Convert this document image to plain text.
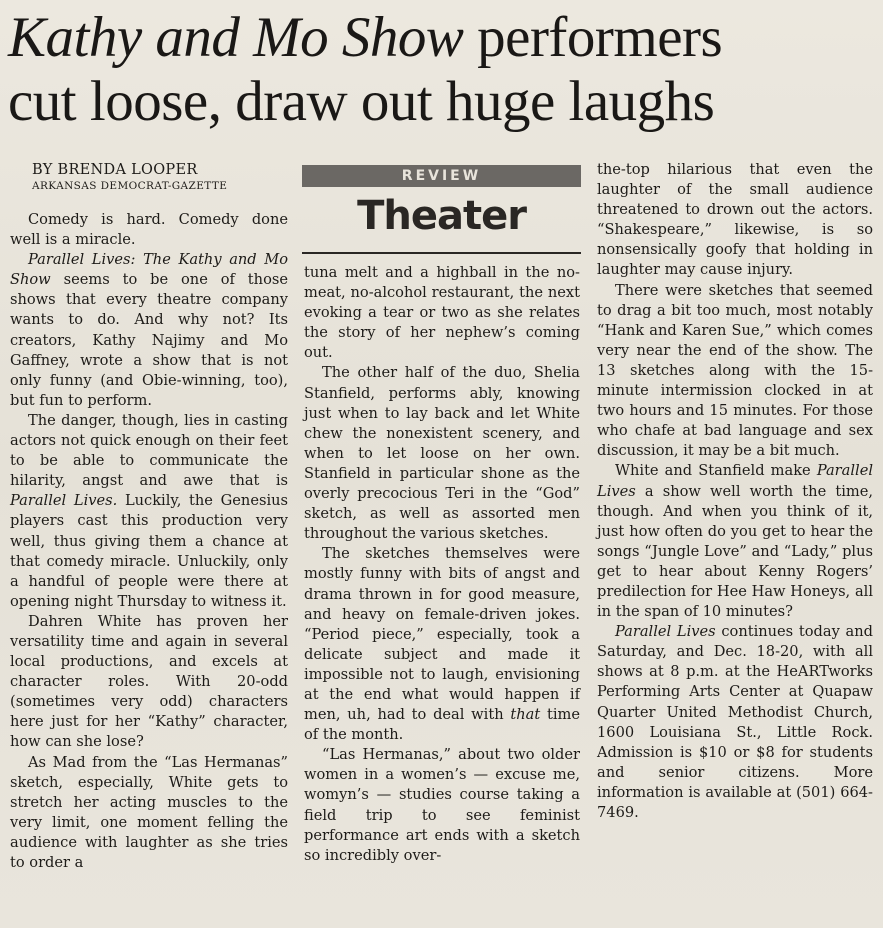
Kathy and Mo Show performers
cut loose, draw out huge laughs
BY BRENDA LOOPER
ARKANSAS DEMOCRAT-GAZETTE
REVIEW
Theater

Comedy is hard. Comedy done well is a miracle.

Parallel Lives: The Kathy and Mo Show seems to be one of those shows that every theatre company wants to do. And why not? Its creators, Kathy Najimy and Mo Gaffney, wrote a show that is not only funny (and Obie-winning, too), but fun to perform.

The danger, though, lies in casting actors not quick enough on their feet to be able to communicate the hilarity, angst and awe that is Parallel Lives. Luckily, the Genesius players cast this production very well, thus giving them a chance at that comedy miracle. Unluckily, only a handful of people were there at opening night Thursday to witness it.

Dahren White has proven her versatility time and again in several local productions, and excels at character roles. With 20-odd (sometimes very odd) characters here just for her “Kathy” character, how can she lose?

As Mad from the “Las Hermanas” sketch, especially, White gets to stretch her acting muscles to the very limit, one moment felling the audience with laughter as she tries to order a

tuna melt and a highball in the no-meat, no-alcohol restaurant, the next evoking a tear or two as she relates the story of her nephew’s coming out.

The other half of the duo, Shelia Stanfield, performs ably, knowing just when to lay back and let White chew the nonexistent scenery, and when to let loose on her own. Stanfield in particular shone as the overly precocious Teri in the “God” sketch, as well as assorted men throughout the various sketches.

The sketches themselves were mostly funny with bits of angst and drama thrown in for good measure, and heavy on female-driven jokes. “Period piece,” especially, took a delicate subject and made it impossible not to laugh, envisioning at the end what would happen if men, uh, had to deal with that time of the month.

“Las Hermanas,” about two older women in a women’s — excuse me, womyn’s — studies course taking a field trip to see feminist performance art ends with a sketch so incredibly over-

the-top hilarious that even the laughter of the small audience threatened to drown out the actors. “Shakespeare,” likewise, is so nonsensically goofy that holding in laughter may cause injury.

There were sketches that seemed to drag a bit too much, most notably “Hank and Karen Sue,” which comes very near the end of the show. The 13 sketches along with the 15-minute intermission clocked in at two hours and 15 minutes. For those who chafe at bad language and sex discussion, it may be a bit much.

White and Stanfield make Parallel Lives a show well worth the time, though. And when you think of it, just how often do you get to hear the songs “Jungle Love” and “Lady,” plus get to hear about Kenny Rogers’ predilection for Hee Haw Honeys, all in the span of 10 minutes?

Parallel Lives continues today and Saturday, and Dec. 18-20, with all shows at 8 p.m. at the HeARTworks Performing Arts Center at Quapaw Quarter United Methodist Church, 1600 Louisiana St., Little Rock. Admission is $10 or $8 for students and senior citizens. More information is available at (501) 664-7469.
